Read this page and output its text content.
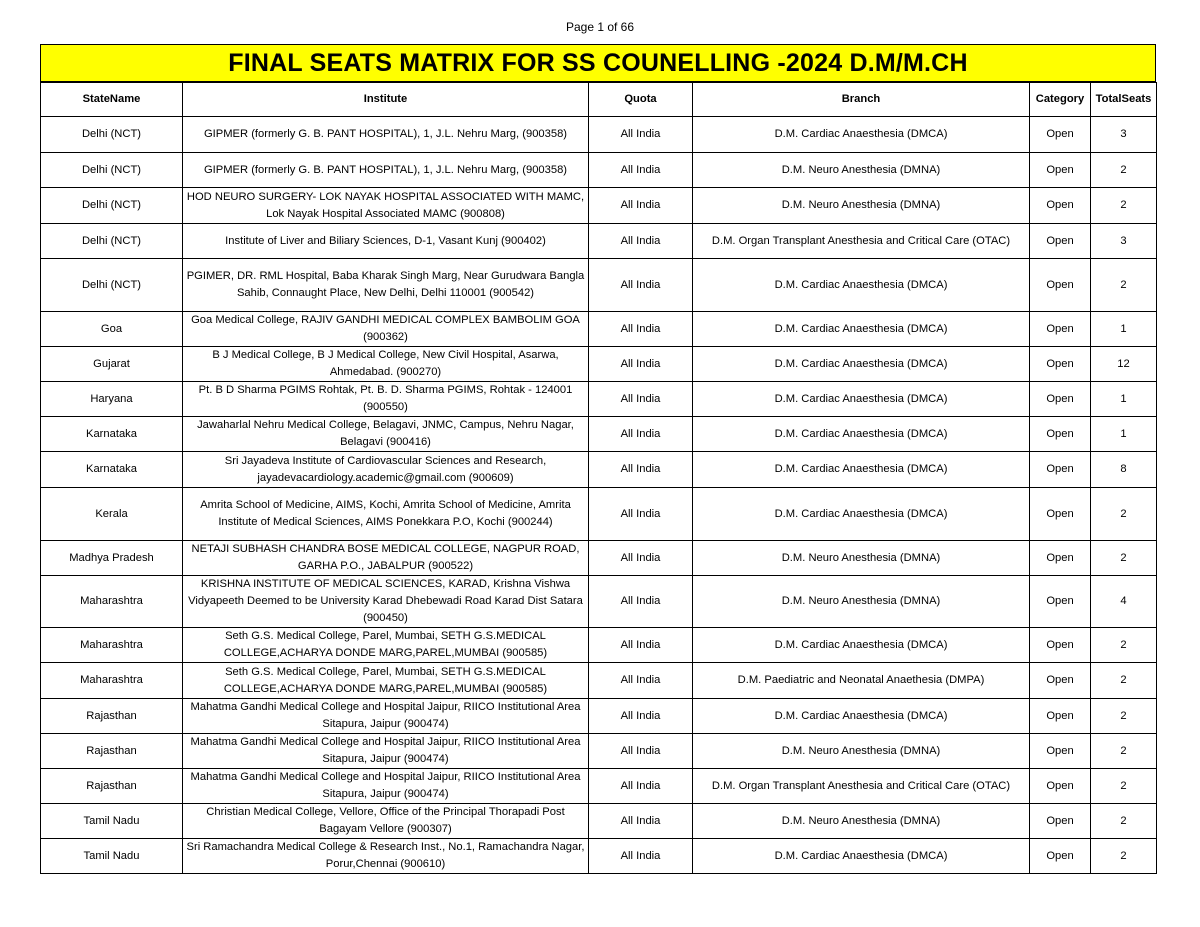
Page 1 of 66
FINAL SEATS MATRIX FOR SS COUNELLING -2024 D.M/M.CH
StateName	Institute	Quota	Branch	Category	TotalSeats
Delhi (NCT)	GIPMER (formerly G. B. PANT HOSPITAL), 1, J.L. Nehru Marg, (900358)	All India	D.M. Cardiac Anaesthesia (DMCA)	Open	3
Delhi (NCT)	GIPMER (formerly G. B. PANT HOSPITAL), 1, J.L. Nehru Marg, (900358)	All India	D.M. Neuro Anesthesia (DMNA)	Open	2
Delhi (NCT)	HOD NEURO SURGERY- LOK NAYAK HOSPITAL ASSOCIATED WITH MAMC, Lok Nayak Hospital Associated MAMC (900808)	All India	D.M. Neuro Anesthesia (DMNA)	Open	2
Delhi (NCT)	Institute of Liver and Biliary Sciences, D-1, Vasant Kunj (900402)	All India	D.M. Organ Transplant Anesthesia and Critical Care (OTAC)	Open	3
Delhi (NCT)	PGIMER, DR. RML Hospital, Baba Kharak Singh Marg, Near Gurudwara Bangla Sahib, Connaught Place, New Delhi, Delhi 110001 (900542)	All India	D.M. Cardiac Anaesthesia (DMCA)	Open	2
Goa	Goa Medical College, RAJIV GANDHI MEDICAL COMPLEX BAMBOLIM GOA (900362)	All India	D.M. Cardiac Anaesthesia (DMCA)	Open	1
Gujarat	B J Medical College, B J Medical College, New Civil Hospital, Asarwa, Ahmedabad. (900270)	All India	D.M. Cardiac Anaesthesia (DMCA)	Open	12
Haryana	Pt. B D Sharma PGIMS Rohtak, Pt. B. D. Sharma PGIMS, Rohtak - 124001 (900550)	All India	D.M. Cardiac Anaesthesia (DMCA)	Open	1
Karnataka	Jawaharlal Nehru Medical College, Belagavi, JNMC, Campus, Nehru Nagar, Belagavi (900416)	All India	D.M. Cardiac Anaesthesia (DMCA)	Open	1
Karnataka	Sri Jayadeva Institute of Cardiovascular Sciences and Research, jayadevacardiology.academic@gmail.com (900609)	All India	D.M. Cardiac Anaesthesia (DMCA)	Open	8
Kerala	Amrita School of Medicine, AIMS, Kochi, Amrita School of Medicine, Amrita Institute of Medical Sciences, AIMS Ponekkara P.O, Kochi (900244)	All India	D.M. Cardiac Anaesthesia (DMCA)	Open	2
Madhya Pradesh	NETAJI SUBHASH CHANDRA BOSE MEDICAL COLLEGE, NAGPUR ROAD, GARHA P.O., JABALPUR (900522)	All India	D.M. Neuro Anesthesia (DMNA)	Open	2
Maharashtra	KRISHNA INSTITUTE OF MEDICAL SCIENCES, KARAD, Krishna Vishwa Vidyapeeth Deemed to be University Karad Dhebewadi Road Karad Dist Satara (900450)	All India	D.M. Neuro Anesthesia (DMNA)	Open	4
Maharashtra	Seth G.S. Medical College, Parel, Mumbai, SETH G.S.MEDICAL COLLEGE,ACHARYA DONDE MARG,PAREL,MUMBAI (900585)	All India	D.M. Cardiac Anaesthesia (DMCA)	Open	2
Maharashtra	Seth G.S. Medical College, Parel, Mumbai, SETH G.S.MEDICAL COLLEGE,ACHARYA DONDE MARG,PAREL,MUMBAI (900585)	All India	D.M. Paediatric and Neonatal Anaethesia (DMPA)	Open	2
Rajasthan	Mahatma Gandhi Medical College and Hospital Jaipur, RIICO Institutional Area Sitapura, Jaipur (900474)	All India	D.M. Cardiac Anaesthesia (DMCA)	Open	2
Rajasthan	Mahatma Gandhi Medical College and Hospital Jaipur, RIICO Institutional Area Sitapura, Jaipur (900474)	All India	D.M. Neuro Anesthesia (DMNA)	Open	2
Rajasthan	Mahatma Gandhi Medical College and Hospital Jaipur, RIICO Institutional Area Sitapura, Jaipur (900474)	All India	D.M. Organ Transplant Anesthesia and Critical Care (OTAC)	Open	2
Tamil Nadu	Christian Medical College, Vellore, Office of the Principal Thorapadi Post Bagayam Vellore (900307)	All India	D.M. Neuro Anesthesia (DMNA)	Open	2
Tamil Nadu	Sri Ramachandra Medical College & Research Inst., No.1, Ramachandra Nagar, Porur,Chennai (900610)	All India	D.M. Cardiac Anaesthesia (DMCA)	Open	2
